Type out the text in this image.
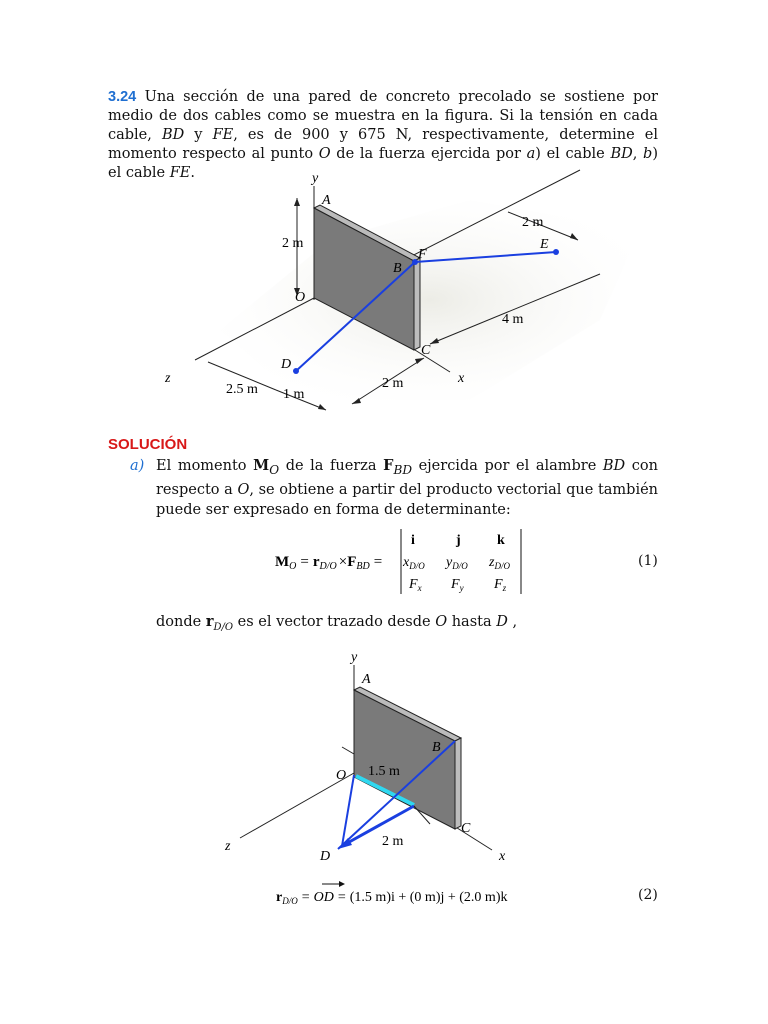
3.24 Una sección de una pared de concreto precolado se sostiene por medio de dos cables como se muestra en la figura. Si la tensión en cada cable, BD y FE, es de 900 y 675 N, respectivamente, determine el momento respecto al punto O de la fuerza ejercida por a) el cable BD, b) el cable FE.	y
A
2 m
B
F
E
2 m
O
4 m
C
D
z	x
2.5 m 1 m
2 m
SOLUCIÓN
a) El momento $M_O$ de la fuerza $F_{BD}$ ejercida por el alambre BD con respecto a O, se obtiene a partir del producto vectorial que también puede ser expresado en forma de determinante:
$M_O = r_{D/O} \times F_{BD}$ =
i	j	k
$x_{D/O}$ $y_{D/O}$ $z_{D/O}$
$F_x$ $F_y$ $F_z$
(1)
donde $r_{D/O}$ es el vector trazado desde O hasta D ,
y
A
B
O 1.5 m
C
z	2 m
D	x
$r_{D/O}$ = OD = (1.5 m)i + (0 m)j + (2.0 m)k	(2)
